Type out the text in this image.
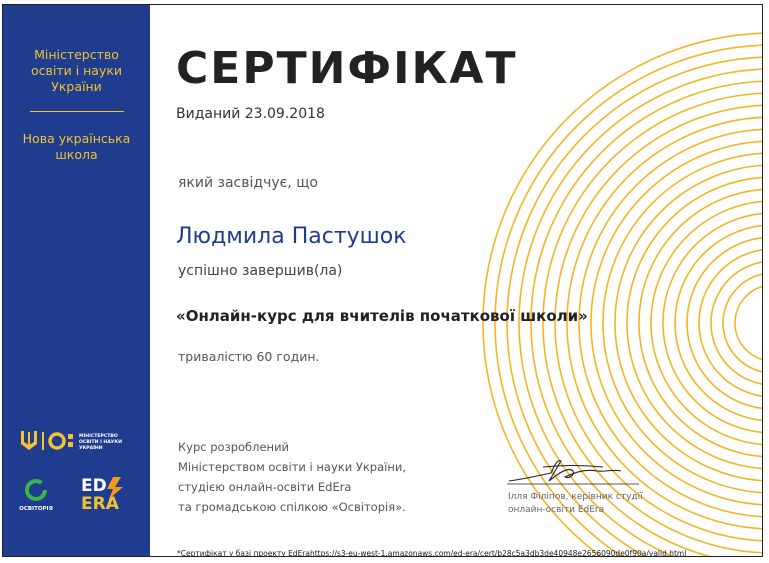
Міністерство
освіти і науки
України
Нова українська
школа
МІНІСТЕРСТВО
ОСВІТИ І НАУКИ
УКРАЇНИ
ОСВІТОРІЯ
ED
ERA
СЕРТИФІКАТ
Виданий 23.09.2018
який засвідчує, що
Людмила Пастушок
успішно завершив(ла)
«Онлайн-курс для вчителів початкової школи»
тривалістю 60 годин.
Курс розроблений
Міністерством освіти і науки України,
студією онлайн-освіти EdEra
та громадською спілкою «Освіторія».
Ілля Філіпов, керівник студії
онлайн-освіти EdEra
*Сертифікат у базі проекту EdErahttps://s3-eu-west-1.amazonaws.com/ed-era/cert/b28c5a3db3de40948e2656090de0f90a/valid.html
